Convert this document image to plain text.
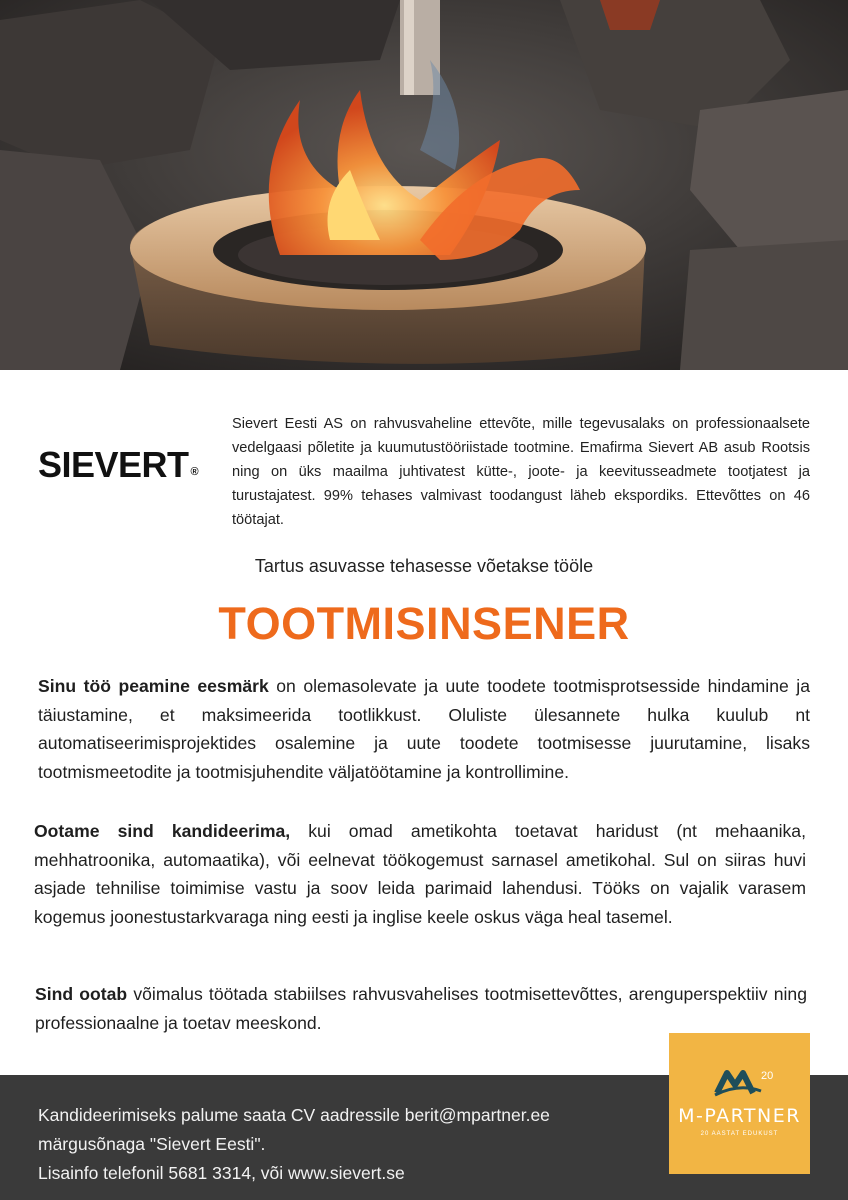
SIEVERT ®

Sievert Eesti AS on rahvusvaheline ettevõte, mille tegevusalaks on professionaalsete vedelgaasi põletite ja kuumutustööriistade tootmine. Emafirma Sievert AB asub Rootsis ning on üks maailma juhtivatest kütte-, joote- ja keevitusseadmete tootjatest ja turustajatest. 99% tehases valmivast toodangust läheb ekspordiks. Ettevõttes on 46 töötajat.

Tartus asuvasse tehasesse võetakse tööle
TOOTMISINSENER

Sinu töö peamine eesmärk on olemasolevate ja uute toodete tootmisprotsesside hindamine ja täiustamine, et maksimeerida tootlikkust. Oluliste ülesannete hulka kuulub nt automatiseerimisprojektides osalemine ja uute toodete tootmisesse juurutamine, lisaks tootmismeetodite ja tootmisjuhendite väljatöötamine ja kontrollimine.

Ootame sind kandideerima, kui omad ametikohta toetavat haridust (nt mehaanika, mehhatroonika, automaatika), või eelnevat töökogemust sarnasel ametikohal. Sul on siiras huvi asjade tehnilise toimimise vastu ja soov leida parimaid lahendusi. Tööks on vajalik varasem kogemus joonestustarkvaraga ning eesti ja inglise keele oskus väga heal tasemel.

Sind ootab võimalus töötada stabiilses rahvusvahelises tootmisettevõttes, arenguperspektiiv ning professionaalne ja toetav meeskond.

Kandideerimiseks palume saata CV aadressile berit@mpartner.ee
märgusõnaga "Sievert Eesti".
Lisainfo telefonil 5681 3314, või www.sievert.se
20
M-PARTNER
20 AASTAT EDUKUST
